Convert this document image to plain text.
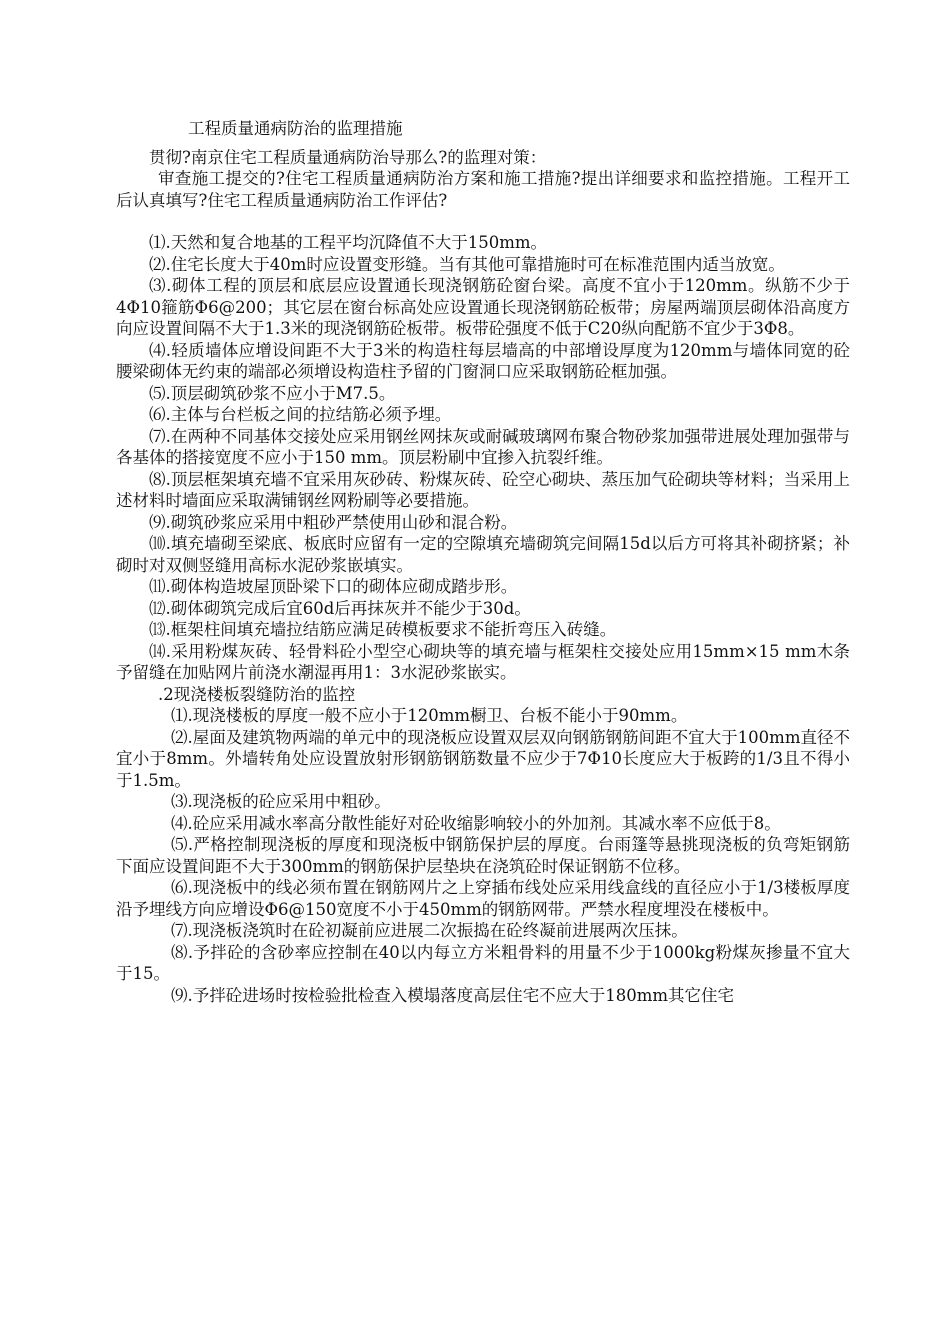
工程质量通病防治的监理措施

贯彻?南京住宅工程质量通病防治导那么?的监理对策：

审查施工提交的?住宅工程质量通病防治方案和施工措施?提出详细要求和监控措施。工程开工后认真填写?住宅工程质量通病防治工作评估?

⑴.天然和复合地基的工程平均沉降值不大于150mm。

⑵.住宅长度大于40m时应设置变形缝。当有其他可靠措施时可在标准范围内适当放宽。

⑶.砌体工程的顶层和底层应设置通长现浇钢筋砼窗台梁。高度不宜小于120mm。纵筋不少于4Φ10箍筋Φ6@200；其它层在窗台标高处应设置通长现浇钢筋砼板带；房屋两端顶层砌体沿高度方向应设置间隔不大于1.3米的现浇钢筋砼板带。板带砼强度不低于C20纵向配筋不宜少于3Φ8。

⑷.轻质墙体应增设间距不大于3米的构造柱每层墙高的中部增设厚度为120mm与墙体同宽的砼腰梁砌体无约束的端部必须增设构造柱予留的门窗洞口应采取钢筋砼框加强。

⑸.顶层砌筑砂浆不应小于M7.5。

⑹.主体与台栏板之间的拉结筋必须予埋。

⑺.在两种不同基体交接处应采用钢丝网抹灰或耐碱玻璃网布聚合物砂浆加强带进展处理加强带与各基体的搭接宽度不应小于150 mm。顶层粉刷中宜掺入抗裂纤维。

⑻.顶层框架填充墙不宜采用灰砂砖、粉煤灰砖、砼空心砌块、蒸压加气砼砌块等材料；当采用上述材料时墙面应采取满铺钢丝网粉刷等必要措施。

⑼.砌筑砂浆应采用中粗砂严禁使用山砂和混合粉。

⑽.填充墙砌至梁底、板底时应留有一定的空隙填充墙砌筑完间隔15d以后方可将其补砌挤紧；补砌时对双侧竖缝用高标水泥砂浆嵌填实。

⑾.砌体构造坡屋顶卧梁下口的砌体应砌成踏步形。

⑿.砌体砌筑完成后宜60d后再抹灰并不能少于30d。

⒀.框架柱间填充墙拉结筋应满足砖模板要求不能折弯压入砖缝。

⒁.采用粉煤灰砖、轻骨料砼小型空心砌块等的填充墙与框架柱交接处应用15mm×15 mm木条予留缝在加贴网片前浇水潮湿再用1：3水泥砂浆嵌实。

.2现浇楼板裂缝防治的监控

⑴.现浇楼板的厚度一般不应小于120mm橱卫、台板不能小于90mm。

⑵.屋面及建筑物两端的单元中的现浇板应设置双层双向钢筋钢筋间距不宜大于100mm直径不宜小于8mm。外墙转角处应设置放射形钢筋钢筋数量不应少于7Φ10长度应大于板跨的1/3且不得小于1.5m。

⑶.现浇板的砼应采用中粗砂。

⑷.砼应采用减水率高分散性能好对砼收缩影响较小的外加剂。其减水率不应低于8。

⑸.严格控制现浇板的厚度和现浇板中钢筋保护层的厚度。台雨篷等悬挑现浇板的负弯矩钢筋下面应设置间距不大于300mm的钢筋保护层垫块在浇筑砼时保证钢筋不位移。

⑹.现浇板中的线必须布置在钢筋网片之上穿插布线处应采用线盒线的直径应小于1/3楼板厚度沿予埋线方向应增设Φ6@150宽度不小于450mm的钢筋网带。严禁水程度埋没在楼板中。

⑺.现浇板浇筑时在砼初凝前应进展二次振捣在砼终凝前进展两次压抹。

⑻.予拌砼的含砂率应控制在40以内每立方米粗骨料的用量不少于1000kg粉煤灰掺量不宜大于15。

⑼.予拌砼进场时按检验批检查入模塌落度高层住宅不应大于180mm其它住宅
